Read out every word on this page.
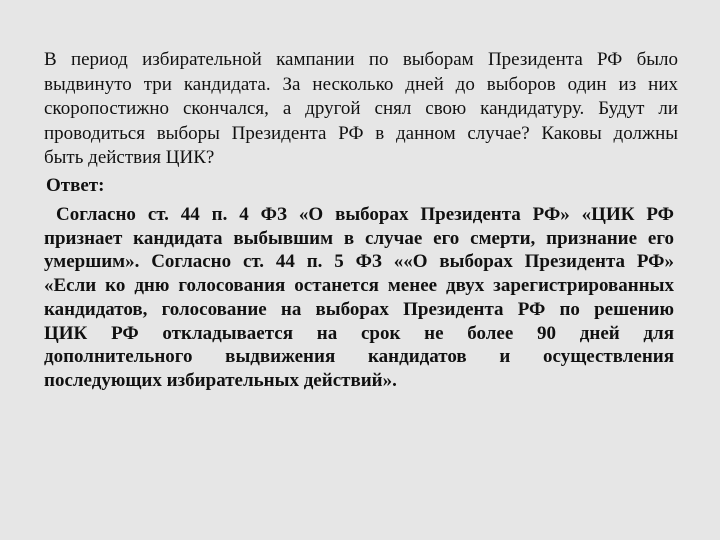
В период избирательной кампании по выборам Президента РФ было
выдвинуто три кандидата. За несколько дней до выборов один из них
скоропостижно скончался, а другой снял свою кандидатуру. Будут ли
проводиться выборы Президента РФ в данном случае? Каковы должны
быть действия ЦИК?
Ответ:
Согласно ст. 44 п. 4 ФЗ «О выборах Президента РФ» «ЦИК РФ
признает кандидата выбывшим в случае его смерти, признание его
умершим». Согласно ст. 44 п. 5 ФЗ ««О выборах Президента РФ»
«Если ко дню голосования останется менее двух зарегистрированных
кандидатов, голосование на выборах Президента РФ по решению
ЦИК РФ откладывается на срок не более 90 дней для
дополнительного выдвижения кандидатов и осуществления
последующих избирательных действий».
